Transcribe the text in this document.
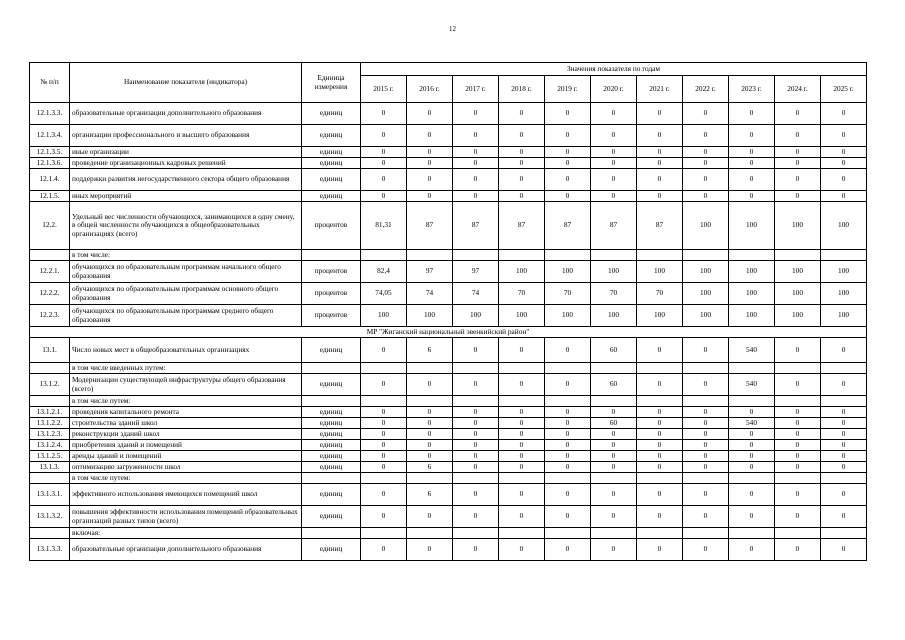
12
№ п/п	Наименование показателя (индикатора)	Единица измерения	Значения показателя по годам										
			2015 г.	2016 г.	2017 г.	2018 г.	2019 г.	2020 г.	2021 г.	2022 г.	2023 г.	2024 г.	2025 г.
12.1.3.3.	образовательные организации дополнительного образования	единиц	0	0	0	0	0	0	0	0	0	0	0
12.1.3.4.	организации профессионального и высшего образования	единиц	0	0	0	0	0	0	0	0	0	0	0
12.1.3.5.	иные организации	единиц	0	0	0	0	0	0	0	0	0	0	0
12.1.3.6.	проведение организационных кадровых решений	единиц	0	0	0	0	0	0	0	0	0	0	0
12.1.4.	поддержки развития негосударственного сектора общего образования	единиц	0	0	0	0	0	0	0	0	0	0	0
12.1.5.	иных мероприятий	единиц	0	0	0	0	0	0	0	0	0	0	0
12.2.	Удельный вес численности обучающихся, занимающихся в одну смену, в общей численности обучающихся в общеобразовательных организациях (всего)	процентов	81,31	87	87	87	87	87	87	100	100	100	100
	в том числе:												
12.2.1.	обучающихся по образовательным программам начального общего образования	процентов	82,4	97	97	100	100	100	100	100	100	100	100
12.2.2.	обучающихся по образовательным программам основного общего образования	процентов	74,05	74	74	70	70	70	70	100	100	100	100
12.2.3.	обучающихся по образовательным программам среднего общего образования	процентов	100	100	100	100	100	100	100	100	100	100	100
МР "Жиганский национальный эвенкийский район"													
13.1.	Число новых мест в общеобразовательных организациях	единиц	0	6	0	0	0	60	0	0	540	0	0
	в том числе введенных путем:												
13.1.2.	Модернизации существующей инфраструктуры общего образования (всего)	единиц	0	0	0	0	0	60	0	0	540	0	0
	в том числе путем:												
13.1.2.1.	проведения капитального ремонта	единиц	0	0	0	0	0	0	0	0	0	0	0
13.1.2.2.	строительства зданий школ	единиц	0	0	0	0	0	60	0	0	540	0	0
13.1.2.3.	реконструкции зданий школ	единиц	0	0	0	0	0	0	0	0	0	0	0
13.1.2.4.	приобретения зданий и помещений	единиц	0	0	0	0	0	0	0	0	0	0	0
13.1.2.5.	аренды зданий и помещений	единиц	0	0	0	0	0	0	0	0	0	0	0
13.1.3.	оптимизацию загруженности школ	единиц	0	6	0	0	0	0	0	0	0	0	0
	в том числе путем:												
13.1.3.1.	эффективного использования имеющихся помещений школ	единиц	0	6	0	0	0	0	0	0	0	0	0
13.1.3.2.	повышения эффективности использования помещений образовательных организаций разных типов (всего)	единиц	0	0	0	0	0	0	0	0	0	0	0
	включая:												
13.1.3.3.	образовательные организации дополнительного образования	единиц	0	0	0	0	0	0	0	0	0	0	0
